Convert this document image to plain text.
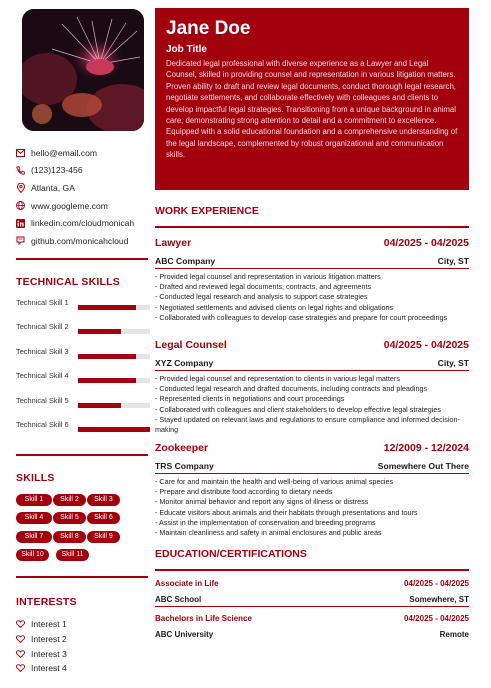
hello@email.com
(123)123-456
Atlanta, GA
www.googleme.com
linkedin.com/cloudmonicah
github.com/monicahcloud
TECHNICAL SKILLS
Technical Skill 1
Technical Skill 2
Technical Skill 3
Technical Skill 4
Technical Skill 5
Technical Skill 6
SKILLS
Skill 1	Skill 2	Skill 3
Skill 4	Skill 5	Skill 6
Skill 7	Skill 8	Skill 9
Skill 10	Skill 11
INTERESTS
Interest 1
Interest 2
Interest 3
Interest 4
Jane Doe
Job Title
Dedicated legal professional with diverse experience as a Lawyer and Legal Counsel, skilled in providing counsel and representation in various litigation matters. Proven ability to draft and review legal documents, conduct thorough legal research, negotiate settlements, and collaborate effectively with colleagues and clients to develop impactful legal strategies. Transitioning from a unique background in animal care, demonstrating strong attention to detail and a commitment to excellence. Equipped with a solid educational foundation and a comprehensive understanding of the legal landscape, complemented by robust organizational and communication skills.
WORK EXPERIENCE
Lawyer	04/2025 - 04/2025
ABC Company	City, ST
- Provided legal counsel and representation in various litigation matters
- Drafted and reviewed legal documents, contracts, and agreements
- Conducted legal research and analysis to support case strategies
- Negotiated settlements and advised clients on legal rights and obligations
- Collaborated with colleagues to develop case strategies and prepare for court proceedings
Legal Counsel	04/2025 - 04/2025
XYZ Company	City, ST
- Provided legal counsel and representation to clients in various legal matters
- Conducted legal research and drafted documents, including contracts and pleadings
- Represented clients in negotiations and court proceedings
- Collaborated with colleagues and client stakeholders to develop effective legal strategies
- Stayed updated on relevant laws and regulations to ensure compliance and informed decision-making
Zookeeper	12/2009 - 12/2024
TRS Company	Somewhere Out There
- Care for and maintain the health and well-being of various animal species
- Prepare and distribute food according to dietary needs
- Monitor animal behavior and report any signs of illness or distress
- Educate visitors about animals and their habitats through presentations and tours
- Assist in the implementation of conservation and breeding programs
- Maintain cleanliness and safety in animal enclosures and public areas
EDUCATION/CERTIFICATIONS
Associate in Life	04/2025 - 04/2025
ABC School	Somewhere, ST
Bachelors in Life Science	04/2025 - 04/2025
ABC University	Remote
